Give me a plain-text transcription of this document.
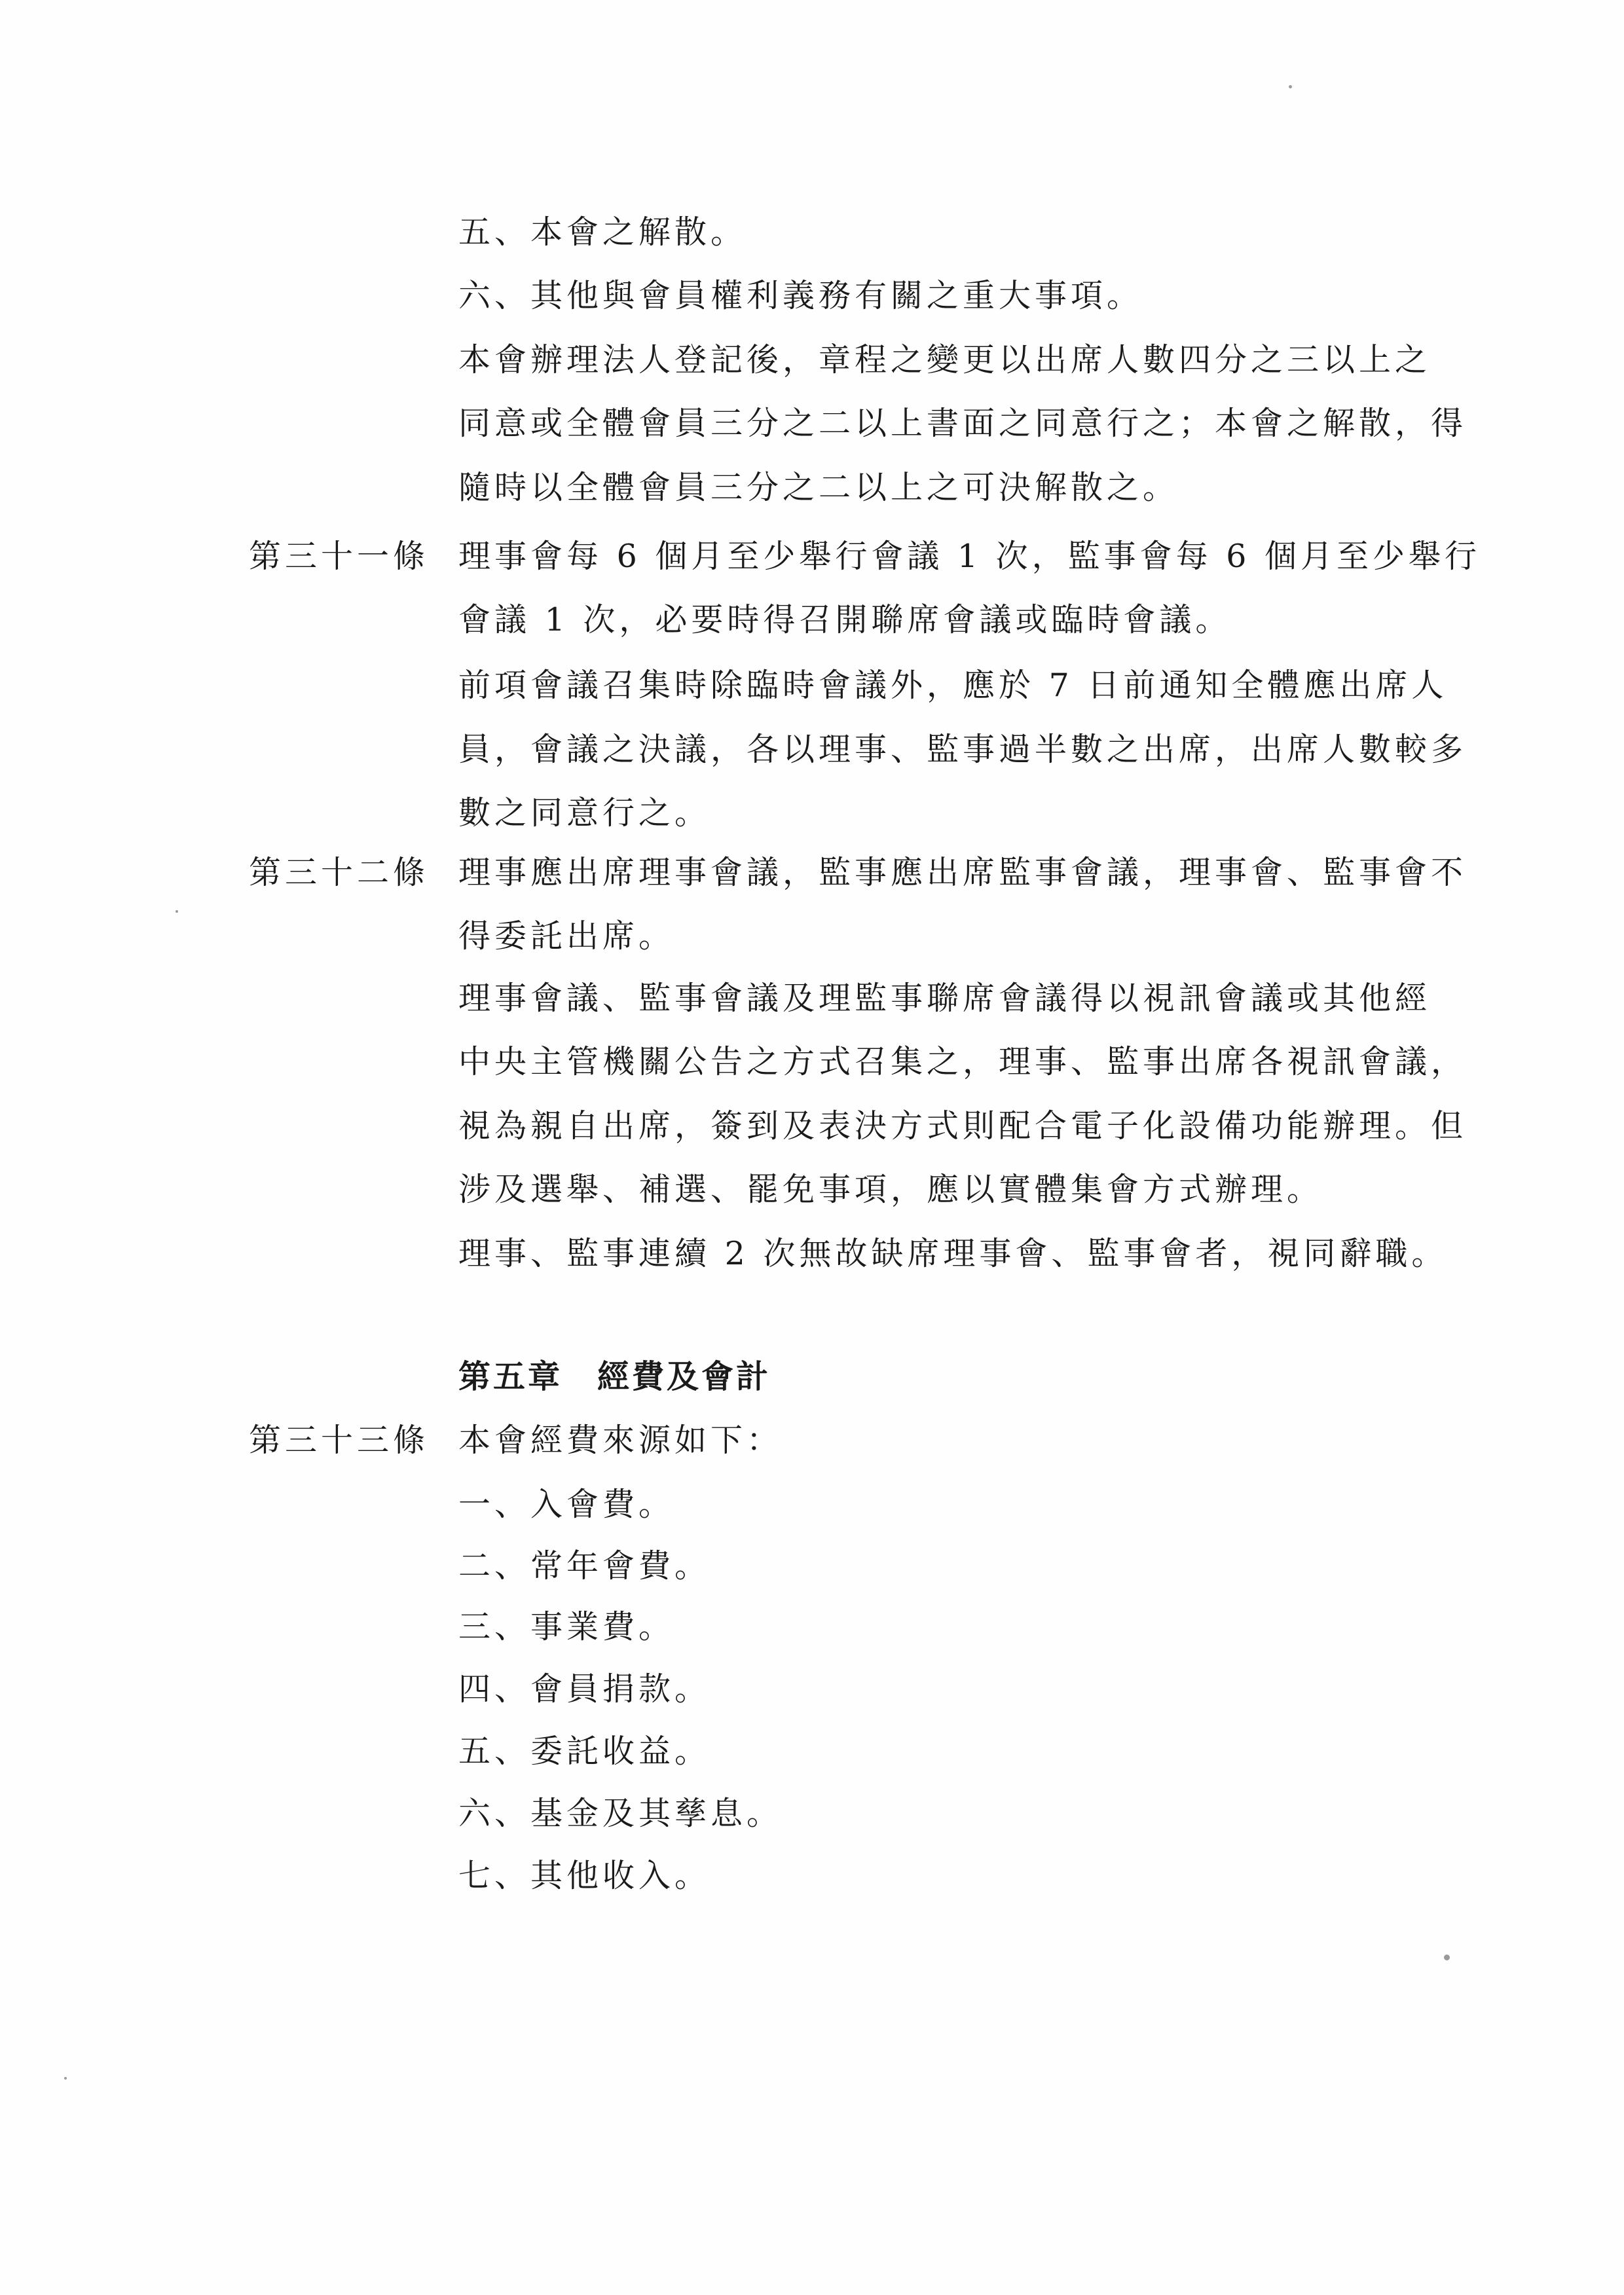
五、本會之解散。
六、其他與會員權利義務有關之重大事項。
本會辦理法人登記後，章程之變更以出席人數四分之三以上之
同意或全體會員三分之二以上書面之同意行之；本會之解散，得
隨時以全體會員三分之二以上之可決解散之。
第三十一條 理事會每 6 個月至少舉行會議 1 次，監事會每 6 個月至少舉行
會議 1 次，必要時得召開聯席會議或臨時會議。
前項會議召集時除臨時會議外，應於 7 日前通知全體應出席人
員，會議之決議，各以理事、監事過半數之出席，出席人數較多
數之同意行之。
第三十二條 理事應出席理事會議，監事應出席監事會議，理事會、監事會不
得委託出席。
理事會議、監事會議及理監事聯席會議得以視訊會議或其他經
中央主管機關公告之方式召集之，理事、監事出席各視訊會議，
視為親自出席，簽到及表決方式則配合電子化設備功能辦理。但
涉及選舉、補選、罷免事項，應以實體集會方式辦理。
理事、監事連續 2 次無故缺席理事會、監事會者，視同辭職。
第五章　經費及會計
第三十三條 本會經費來源如下：
一、入會費。
二、常年會費。
三、事業費。
四、會員捐款。
五、委託收益。
六、基金及其孳息。
七、其他收入。
